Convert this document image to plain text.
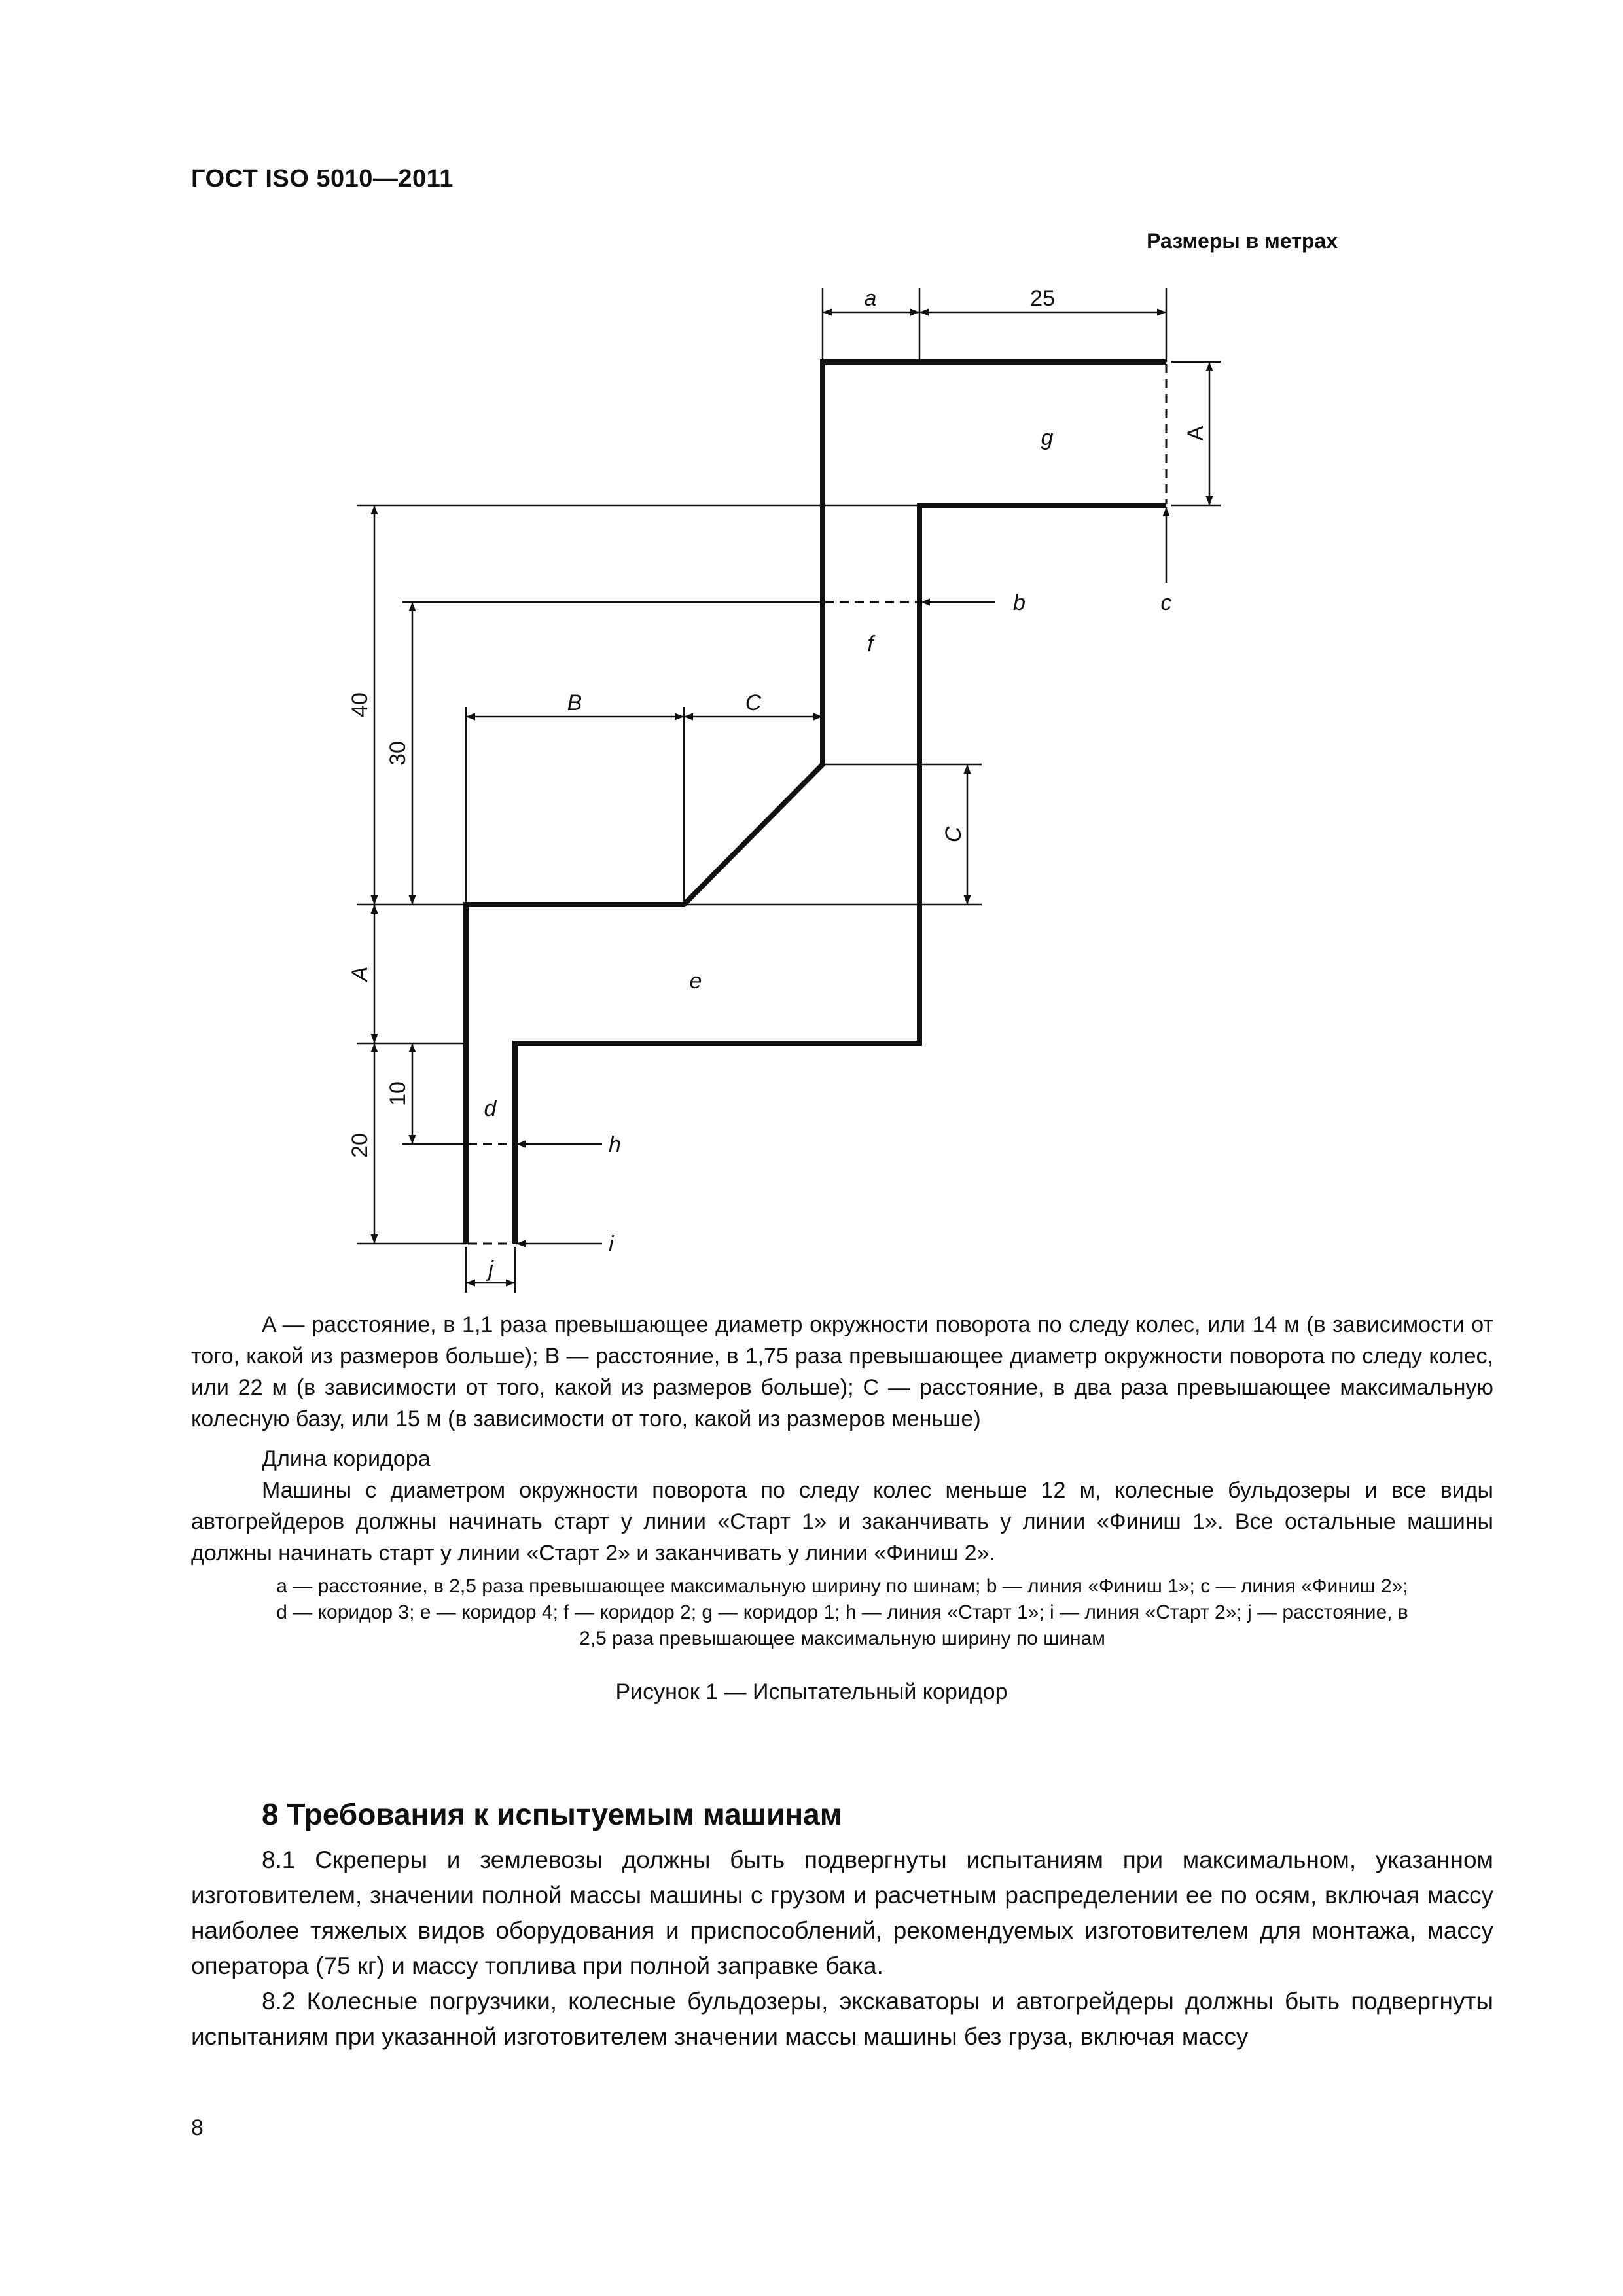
ГОСТ ISO 5010—2011
Размеры в метрах
a	25
A
40
30
B	C
C
A
10
20
j
g
b	c
f
e
d
h
i
A — расстояние, в 1,1 раза превышающее диаметр окружности поворота по следу колес, или 14 м (в зависимости от того, какой из размеров больше); B — расстояние, в 1,75 раза превышающее диаметр окружности поворота по следу колес, или 22 м (в зависимости от того, какой из размеров больше); C — расстояние, в два раза превышающее максимальную колесную базу, или 15 м (в зависимости от того, какой из размеров меньше)
Длина коридора
Машины с диаметром окружности поворота по следу колес меньше 12 м, колесные бульдозеры и все виды автогрейдеров должны начинать старт у линии «Старт 1» и заканчивать у линии «Финиш 1». Все остальные машины должны начинать старт у линии «Старт 2» и заканчивать у линии «Финиш 2».
a — расстояние, в 2,5 раза превышающее максимальную ширину по шинам; b — линия «Финиш 1»; c — линия «Финиш 2»;
d — коридор 3; e — коридор 4; f — коридор 2; g — коридор 1; h — линия «Старт 1»; i — линия «Старт 2»; j — расстояние, в
2,5 раза превышающее максимальную ширину по шинам
Рисунок 1 — Испытательный коридор
8 Требования к испытуемым машинам
8.1 Скреперы и землевозы должны быть подвергнуты испытаниям при максимальном, указанном изготовителем, значении полной массы машины с грузом и расчетным распределении ее по осям, включая массу наиболее тяжелых видов оборудования и приспособлений, рекомендуемых изготовителем для монтажа, массу оператора (75 кг) и массу топлива при полной заправке бака.
8.2 Колесные погрузчики, колесные бульдозеры, экскаваторы и автогрейдеры должны быть подвергнуты испытаниям при указанной изготовителем значении массы машины без груза, включая массу
8
